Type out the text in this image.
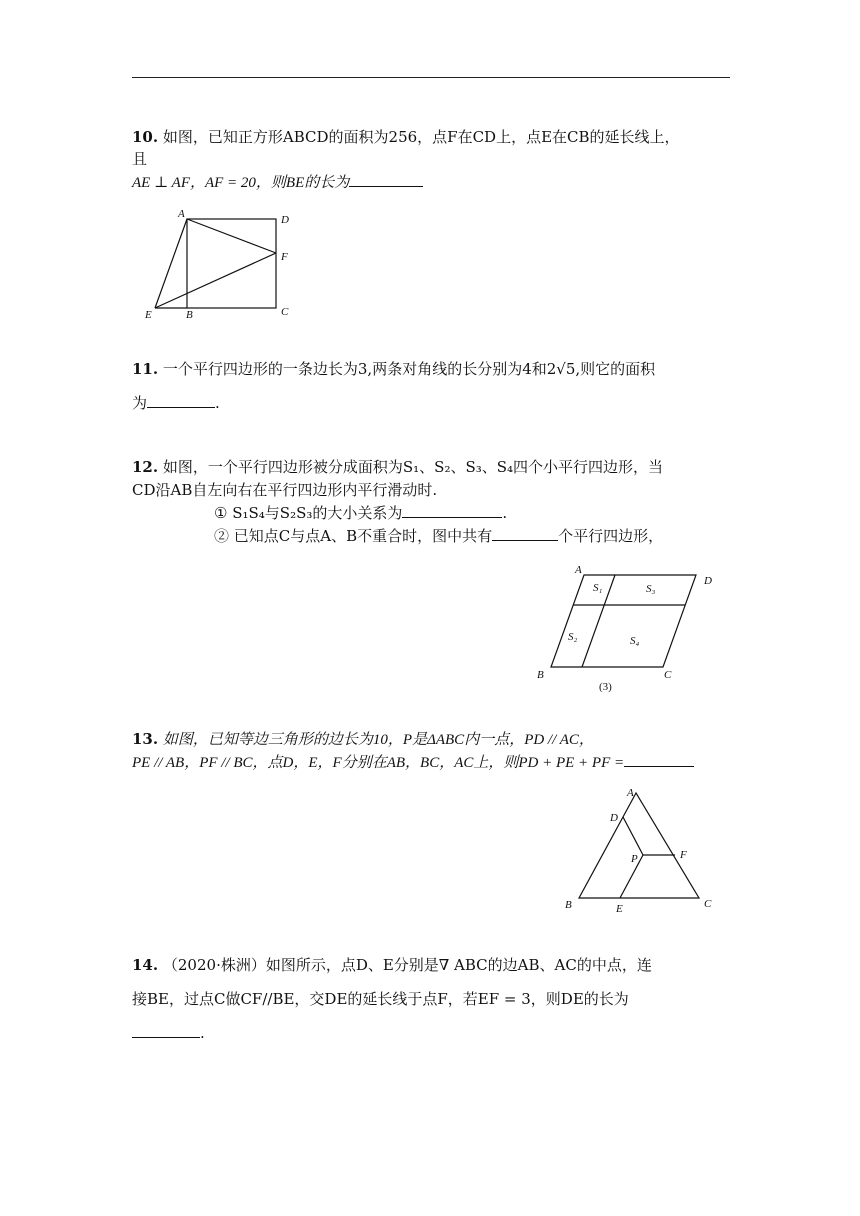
10. 如图，已知正方形ABCD的面积为256，点F在CD上，点E在CB的延长线上，
且
AE ⊥ AF，AF = 20，则BE的长为
A	D
F
C
B
E
11. 一个平行四边形的一条边长为3,两条对角线的长分别为4和2√5,则它的面积
为	.
12. 如图，一个平行四边形被分成面积为S₁、S₂、S₃、S₄四个小平行四边形，当
CD沿AB自左向右在平行四边形内平行滑动时.
① S₁S₄与S₂S₃的大小关系为	.
② 已知点C与点A、B不重合时，图中共有	个平行四边形，
A
D
B	C
S₁	S₃
S₂	S₄
(3)
13. 如图，已知等边三角形的边长为10，P是ΔABC内一点，PD // AC，
PE // AB，PF // BC，点D，E，F分别在AB，BC，AC上，则PD + PE + PF =
A
D
P	F
B	E	C
14. （2020·株洲）如图所示，点D、E分别是∇ ABC的边AB、AC的中点，连
接BE，过点C做CF//BE，交DE的延长线于点F，若EF = 3，则DE的长为
.
